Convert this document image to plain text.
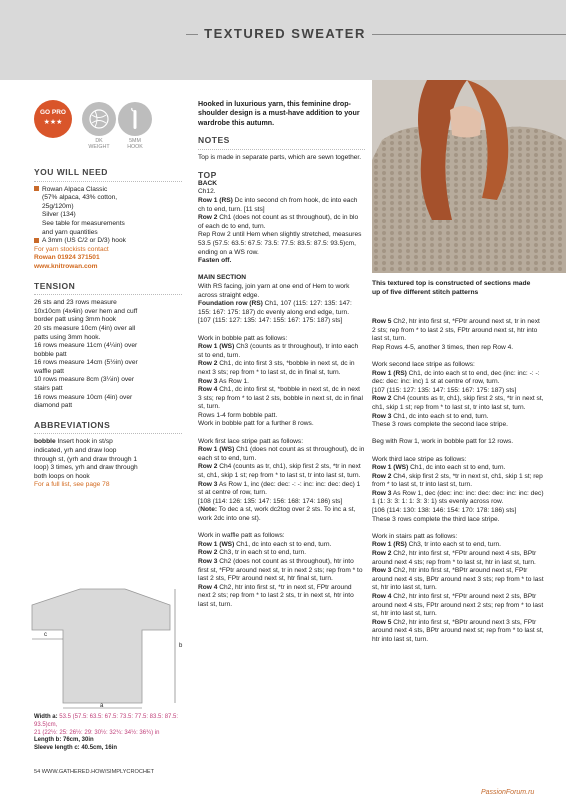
TEXTURED SWEATER
GO PRO
★★★
DK
WEIGHT
5MM
HOOK
YOU WILL NEED
Rowan Alpaca Classic
(57% alpaca, 43% cotton,
25g/120m)
Silver (134)
See table for measurements
and yarn quantities
A 3mm (US C/2 or D/3) hook
For yarn stockists contact
Rowan 01924 371501
www.knitrowan.com
TENSION
26 sts and 23 rows measure
10x10cm (4x4in) over hem and cuff
border patt using 3mm hook
20 sts measure 10cm (4in) over all
patts using 3mm hook.
16 rows measure 11cm (4¼in) over
bobble patt
16 rows measure 14cm (5½in) over
waffle patt
10 rows measure 8cm (3¼in) over
stairs patt
16 rows measure 10cm (4in) over
diamond patt
ABBREVIATIONS
bobble Insert hook in st/sp
indicated, yrh and draw loop
through st, (yrh and draw through 1
loop) 3 times, yrh and draw through
both loops on hook
For a full list, see page 78
c
a
b
Width a: 53.5 (57.5: 63.5: 67.5: 73.5: 77.5: 83.5: 87.5: 93.5)cm,
21 (22½: 25: 26½: 29: 30½: 32¾: 34½: 36¾) in
Length b: 76cm, 30in
Sleeve length c: 40.5cm, 16in

Hooked in luxurious yarn, this feminine drop-shoulder design is a must-have addition to your wardrobe this autumn.

NOTES

Top is made in separate parts, which are sewn together.

TOP
BACK
Ch12.
Row 1 (RS) Dc into second ch from hook, dc into each ch to end, turn. [11 sts]
Row 2 Ch1 (does not count as st throughout), dc in blo of each dc to end, turn.
Rep Row 2 until Hem when slightly stretched, measures 53.5 (57.5: 63.5: 67.5: 73.5: 77.5: 83.5: 87.5: 93.5)cm, ending on a WS row.
Fasten off.
MAIN SECTION
With RS facing, join yarn at one end of Hem to work across straight edge.
Foundation row (RS) Ch1, 107 (115: 127: 135: 147: 155: 167: 175: 187) dc evenly along end edge, turn.
[107 (115: 127: 135: 147: 155: 167: 175: 187) sts]
Work in bobble patt as follows:
Row 1 (WS) Ch3 (counts as tr throughout), tr into each st to end, turn.
Row 2 Ch1, dc into first 3 sts, *bobble in next st, dc in next 3 sts; rep from * to last st, dc in final st, turn.
Row 3 As Row 1.
Row 4 Ch1, dc into first st, *bobble in next st, dc in next 3 sts; rep from * to last 2 sts, bobble in next st, dc in final st, turn.
Rows 1-4 form bobble patt.
Work in bobble patt for a further 8 rows.
Work first lace stripe patt as follows:
Row 1 (WS) Ch1 (does not count as st throughout), dc in each st to end, turn.
Row 2 Ch4 (counts as tr, ch1), skip first 2 sts, *tr in next st, ch1, skip 1 st; rep from * to last st, tr into last st, turn.
Row 3 As Row 1, inc (dec: dec: -: -: inc: inc: dec: dec) 1 st at centre of row, turn.
[108 (114: 126: 135: 147: 156: 168: 174: 186) sts]
(Note: To dec a st, work dc2tog over 2 sts. To inc a st, work 2dc into one st).
Work in waffle patt as follows:
Row 1 (WS) Ch1, dc into each st to end, turn.
Row 2 Ch3, tr in each st to end, turn.
Row 3 Ch2 (does not count as st throughout), htr into first st, *FPtr around next st, tr in next 2 sts; rep from * to last 2 sts, FPtr around next st, htr final st, turn.
Row 4 Ch2, htr into first st, *tr in next st, FPtr around next 2 sts; rep from * to last 2 sts, tr in next st, htr into last st, turn.
This textured top is constructed of sections made up of five different stitch patterns
Row 5 Ch2, htr into first st, *FPtr around next st, tr in next 2 sts; rep from * to last 2 sts, FPtr around next st, htr into last st, turn.
Rep Rows 4-5, another 3 times, then rep Row 4.
Work second lace stripe as follows:
Row 1 (RS) Ch1, dc into each st to end, dec (inc: inc: -: -: dec: dec: inc: inc) 1 st at centre of row, turn.
[107 (115: 127: 135: 147: 155: 167: 175: 187) sts]
Row 2 Ch4 (counts as tr, ch1), skip first 2 sts, *tr in next st, ch1, skip 1 st; rep from * to last st, tr into last st, turn.
Row 3 Ch1, dc into each st to end, turn.
These 3 rows complete the second lace stripe.
Beg with Row 1, work in bobble patt for 12 rows.
Work third lace stripe as follows:
Row 1 (WS) Ch1, dc into each st to end, turn.
Row 2 Ch4, skip first 2 sts, *tr in next st, ch1, skip 1 st; rep from * to last st, tr into last st, turn.
Row 3 As Row 1, dec (dec: inc: inc: dec: dec: inc: inc: dec) 1 (1: 3: 3: 1: 1: 3: 3: 1) sts evenly across row.
[106 (114: 130: 138: 146: 154: 170: 178: 186) sts]
These 3 rows complete the third lace stripe.
Work in stairs patt as follows:
Row 1 (RS) Ch3, tr into each st to end, turn.
Row 2 Ch2, htr into first st, *FPtr around next 4 sts, BPtr around next 4 sts; rep from * to last st, htr in last st, turn.
Row 3 Ch2, htr into first st, *BPtr around next st, FPtr around next 4 sts, BPtr around next 3 sts; rep from * to last st, htr into last st, turn.
Row 4 Ch2, htr into first st, *FPtr around next 2 sts, BPtr around next 4 sts, FPtr around next 2 sts; rep from * to last st, htr into last st, turn.
Row 5 Ch2, htr into first st, *BPtr around next 3 sts, FPtr around next 4 sts, BPtr around next st; rep from * to last st, htr into last st, turn.
54 WWW.GATHERED.HOW/SIMPLYCROCHET
PassionForum.ru
